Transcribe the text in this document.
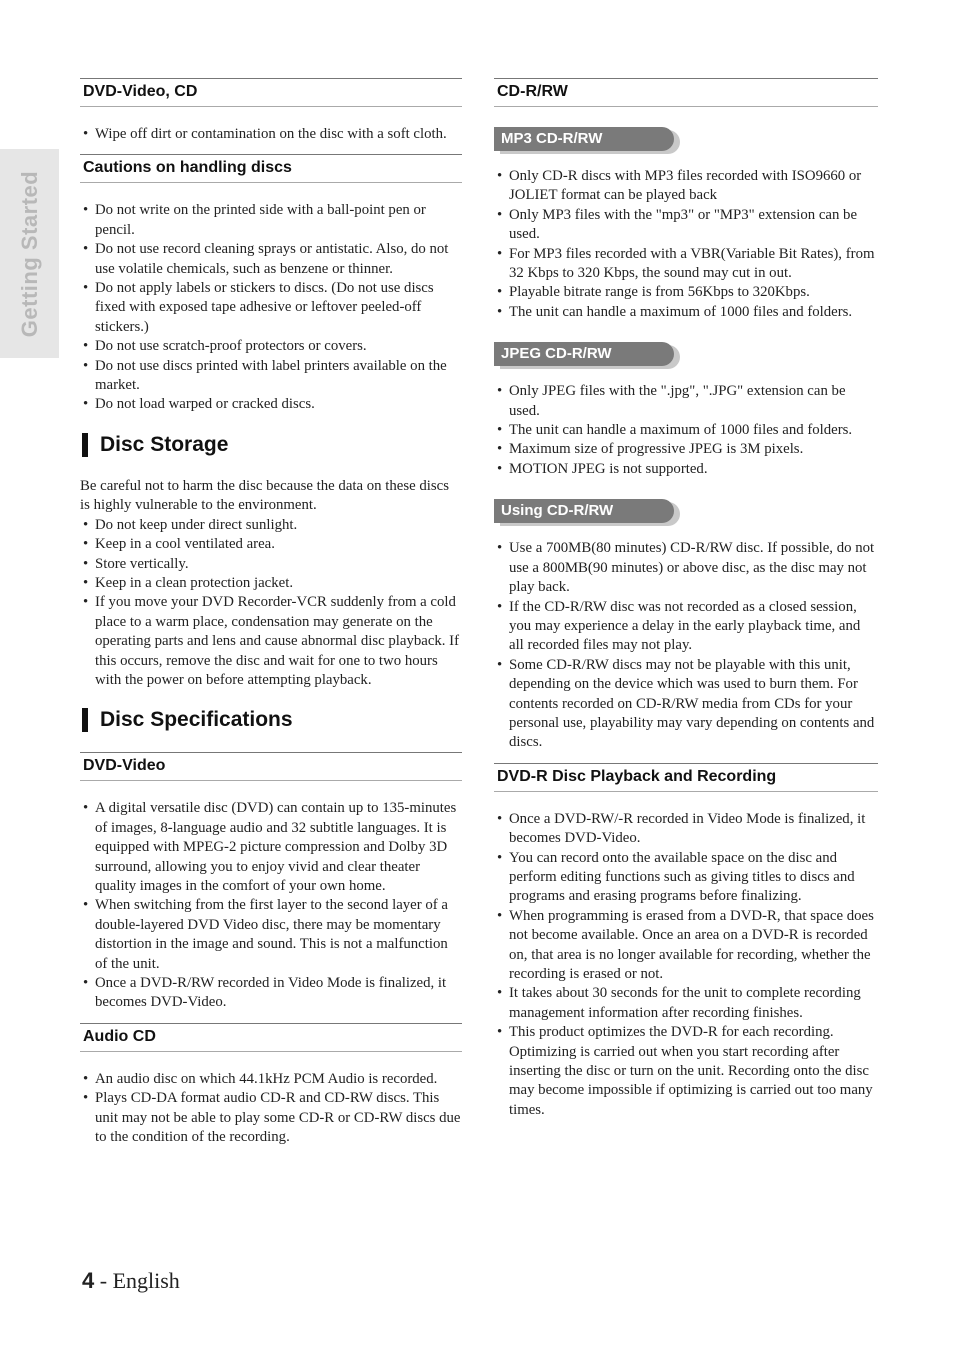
Getting Started
DVD-Video, CD
• Wipe off dirt or contamination on the disc with a soft cloth.
Cautions on handling discs
• Do not write on the printed side with a ball-point pen or pencil.
• Do not use record cleaning sprays or antistatic. Also, do not use volatile chemicals, such as benzene or thinner.
• Do not apply labels or stickers to discs. (Do not use discs fixed with exposed tape adhesive or leftover peeled-off stickers.)
• Do not use scratch-proof protectors or covers.
• Do not use discs printed with label printers available on the market.
• Do not load warped or cracked discs.
Disc Storage

Be careful not to harm the disc because the data on these discs is highly vulnerable to the environment.

• Do not keep under direct sunlight.
• Keep in a cool ventilated area.
• Store vertically.
• Keep in a clean protection jacket.
• If you move your DVD Recorder-VCR suddenly from a cold place to a warm place, condensation may generate on the operating parts and lens and cause abnormal disc playback. If this occurs, remove the disc and wait for one to two hours with the power on before attempting playback.
Disc Specifications
DVD-Video
• A digital versatile disc (DVD) can contain up to 135-minutes of images, 8-language audio and 32 subtitle languages. It is equipped with MPEG-2 picture compression and Dolby 3D surround, allowing you to enjoy vivid and clear theater quality images in the comfort of your own home.
• When switching from the first layer to the second layer of a double-layered DVD Video disc, there may be momentary distortion in the image and sound. This is not a malfunction of the unit.
• Once a DVD-R/RW recorded in Video Mode is finalized, it becomes DVD-Video.
Audio CD
• An audio disc on which 44.1kHz PCM Audio is recorded.
• Plays CD-DA format audio CD-R and CD-RW discs. This unit may not be able to play some CD-R or CD-RW discs due to the condition of the recording.
CD-R/RW
MP3 CD-R/RW
• Only CD-R discs with MP3 files recorded with ISO9660 or JOLIET format can be played back
• Only MP3 files with the "mp3" or "MP3" extension can be used.
• For MP3 files recorded with a VBR(Variable Bit Rates), from 32 Kbps to 320 Kbps, the sound may cut in out.
• Playable bitrate range is from 56Kbps to 320Kbps.
• The unit can handle a maximum of 1000 files and folders.
JPEG CD-R/RW
• Only JPEG files with the ".jpg", ".JPG" extension can be used.
• The unit can handle a maximum of 1000 files and folders.
• Maximum size of progressive JPEG is 3M pixels.
• MOTION JPEG is not supported.
Using CD-R/RW
• Use a 700MB(80 minutes) CD-R/RW disc. If possible, do not use a 800MB(90 minutes) or above disc, as the disc may not play back.
• If the CD-R/RW disc was not recorded as a closed session, you may experience a delay in the early playback time, and all recorded files may not play.
• Some CD-R/RW discs may not be playable with this unit, depending on the device which was used to burn them. For contents recorded on CD-R/RW media from CDs for your personal use, playability may vary depending on contents and discs.
DVD-R Disc Playback and Recording
• Once a DVD-RW/-R recorded in Video Mode is finalized, it becomes DVD-Video.
• You can record onto the available space on the disc and perform editing functions such as giving titles to discs and programs and erasing programs before finalizing.
• When programming is erased from a DVD-R, that space does not become available. Once an area on a DVD-R is recorded on, that area is no longer available for recording, whether the recording is erased or not.
• It takes about 30 seconds for the unit to complete recording management information after recording finishes.
• This product optimizes the DVD-R for each recording. Optimizing is carried out when you start recording after inserting the disc or turn on the unit. Recording onto the disc may become impossible if optimizing is carried out too many times.
4 - English
